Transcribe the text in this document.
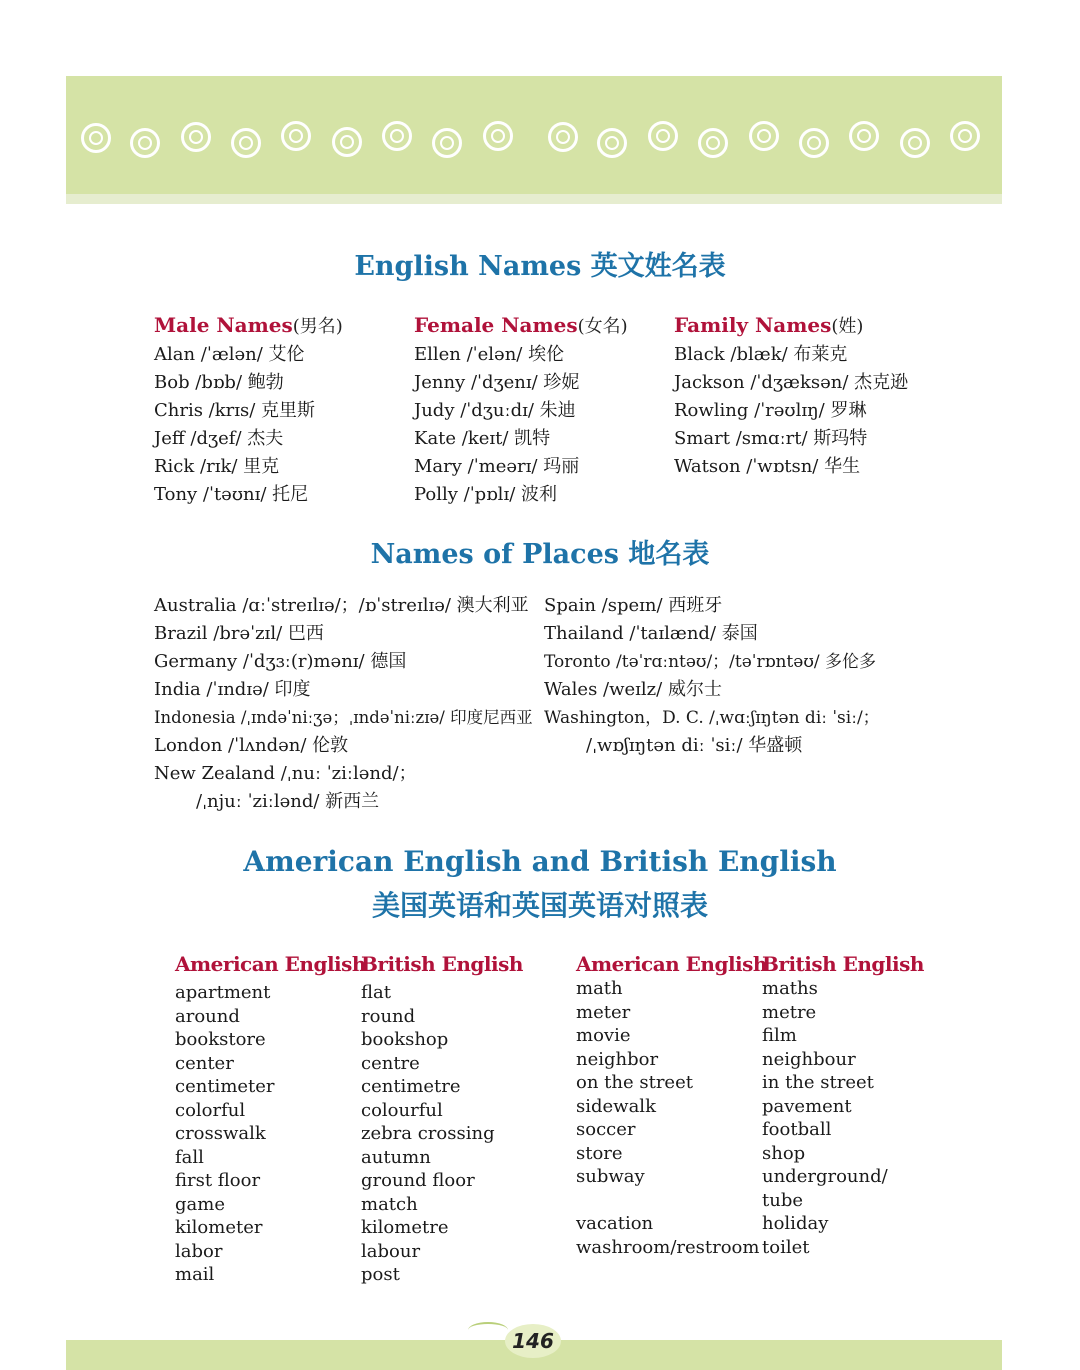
English Names 英文姓名表
Male Names(男名)
Alan /ˈælən/ 艾伦
Bob /bɒb/ 鲍勃
Chris /krɪs/ 克里斯
Jeff /dʒef/ 杰夫
Rick /rɪk/ 里克
Tony /ˈtəʊnɪ/ 托尼
Female Names(女名)
Ellen /ˈelən/ 埃伦
Jenny /ˈdʒenɪ/ 珍妮
Judy /ˈdʒuːdɪ/ 朱迪
Kate /keɪt/ 凯特
Mary /ˈmeərɪ/ 玛丽
Polly /ˈpɒlɪ/ 波利
Family Names(姓)
Black /blæk/ 布莱克
Jackson /ˈdʒæksən/ 杰克逊
Rowling /ˈrəʊlɪŋ/ 罗琳
Smart /smɑːrt/ 斯玛特
Watson /ˈwɒtsn/ 华生
Names of Places 地名表
Australia /ɑːˈstreɪlɪə/；/ɒˈstreɪlɪə/ 澳大利亚
Brazil /brəˈzɪl/ 巴西
Germany /ˈdʒɜː(r)mənɪ/ 德国
India /ˈɪndɪə/ 印度
Indonesia /ˌɪndəˈniːʒə；ˌɪndəˈniːzɪə/ 印度尼西亚
London /ˈlʌndən/ 伦敦
New Zealand /ˌnuː ˈziːlənd/；
/ˌnjuː ˈziːlənd/ 新西兰
Spain /speɪn/ 西班牙
Thailand /ˈtaɪlænd/ 泰国
Toronto /təˈrɑːntəʊ/；/təˈrɒntəʊ/ 多伦多
Wales /weɪlz/ 威尔士
Washington，D. C. /ˌwɑːʃɪŋtən diː ˈsiː/；
/ˌwɒʃɪŋtən diː ˈsiː/ 华盛顿
American English and British English
美国英语和英国英语对照表
American English
apartment
around
bookstore
center
centimeter
colorful
crosswalk
fall
first floor
game
kilometer
labor
mail
British English
flat
round
bookshop
centre
centimetre
colourful
zebra crossing
autumn
ground floor
match
kilometre
labour
post
American English
math
meter
movie
neighbor
on the street
sidewalk
soccer
store
subway
vacation
washroom/restroom
British English
maths
metre
film
neighbour
in the street
pavement
football
shop
underground/
tube
holiday
toilet
146
